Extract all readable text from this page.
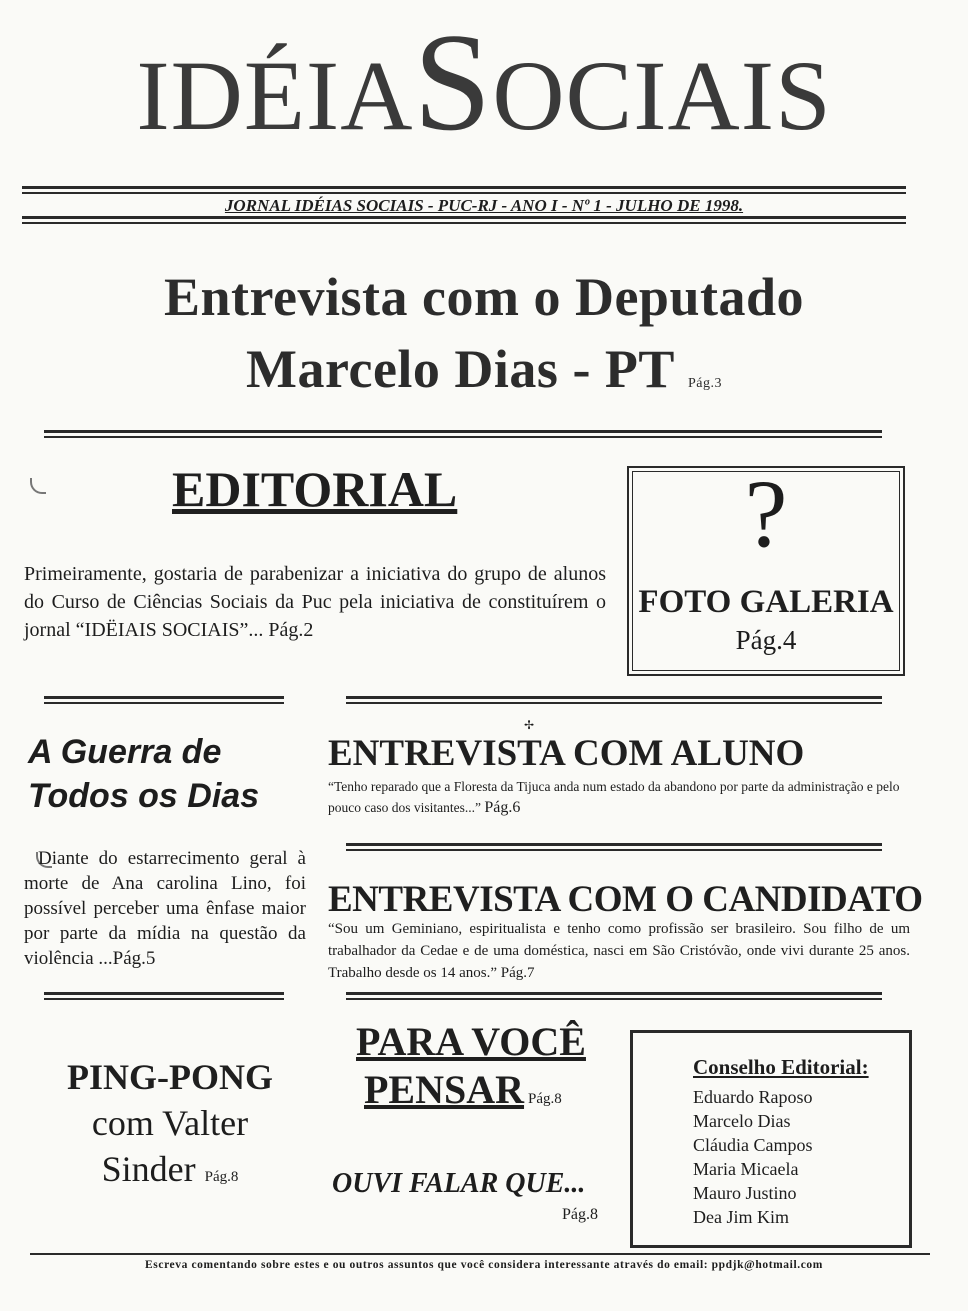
IDÉIASOCIAIS
JORNAL IDÉIAS SOCIAIS - PUC-RJ - ANO I - Nº 1 - JULHO DE 1998.
Entrevista com o Deputado
Marcelo Dias - PT Pág.3
EDITORIAL
Primeiramente, gostaria de parabenizar a iniciativa do grupo de alunos do Curso de Ciências Sociais da Puc pela iniciativa de constituírem o jornal “IDËIAIS SOCIAIS”... Pág.2
?
FOTO GALERIA
Pág.4
A Guerra de
Todos os Dias
Diante do estarrecimento geral à morte de Ana carolina Lino, foi possível perceber uma ênfase maior por parte da mídia na questão da violência ...Pág.5
✢
ENTREVISTA COM ALUNO
“Tenho reparado que a Floresta da Tijuca anda num estado da abandono por parte da administração e pelo pouco caso dos visitantes...” Pág.6
ENTREVISTA COM O CANDIDATO
“Sou um Geminiano, espiritualista e tenho como profissão ser brasileiro. Sou filho de um trabalhador da Cedae e de uma doméstica, nasci em São Cristóvão, onde vivi durante 25 anos. Trabalho desde os 14 anos.” Pág.7
PING-PONG
com Valter
Sinder Pág.8
PARA VOCÊ
PENSAR Pág.8
OUVI FALAR QUE...
Pág.8
Conselho Editorial:
Eduardo Raposo
Marcelo Dias
Cláudia Campos
Maria Micaela
Mauro Justino
Dea Jim Kim
Escreva comentando sobre estes e ou outros assuntos que você considera interessante através do email: ppdjk@hotmail.com
